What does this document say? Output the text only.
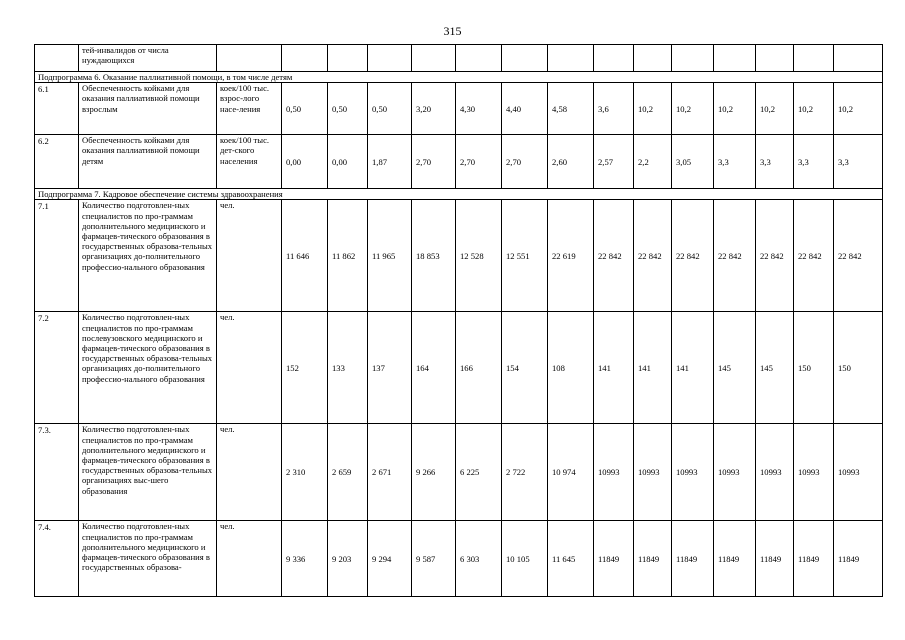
315
	тей-инвалидов от числа нуждающихся															
Подпрограмма 6. Оказание паллиативной помощи, в том числе детям																
6.1	Обеспеченность койками для оказания паллиативной помощи взрослым	коек/100 тыс. взрос-лого насе-ления	0,50	0,50	0,50	3,20	4,30	4,40	4,58	3,6	10,2	10,2	10,2	10,2	10,2	10,2
6.2	Обеспеченность койками для оказания паллиативной помощи детям	коек/100 тыс. дет-ского населения	0,00	0,00	1,87	2,70	2,70	2,70	2,60	2,57	2,2	3,05	3,3	3,3	3,3	3,3
Подпрограмма 7. Кадровое обеспечение системы здравоохранения																
7.1	Количество подготовлен-ных специалистов по про-граммам дополнительного медицинского и фармацев-тического образования в государственных образова-тельных организациях до-полнительного профессио-нального образования	чел.	11 646	11 862	11 965	18 853	12 528	12 551	22 619	22 842	22 842	22 842	22 842	22 842	22 842	22 842
7.2	Количество подготовлен-ных специалистов по про-граммам послевузовского медицинского и фармацев-тического образования в государственных образова-тельных организациях до-полнительного профессио-нального образования	чел.	152	133	137	164	166	154	108	141	141	141	145	145	150	150
7.3.	Количество подготовлен-ных специалистов по про-граммам дополнительного медицинского и фармацев-тического образования в государственных образова-тельных организациях выс-шего образования	чел.	2 310	2 659	2 671	9 266	6 225	2 722	10 974	10993	10993	10993	10993	10993	10993	10993
7.4.	Количество подготовлен-ных специалистов по про-граммам дополнительного медицинского и фармацев-тического образования в государственных образова-	чел.	9 336	9 203	9 294	9 587	6 303	10 105	11 645	11849	11849	11849	11849	11849	11849	11849
